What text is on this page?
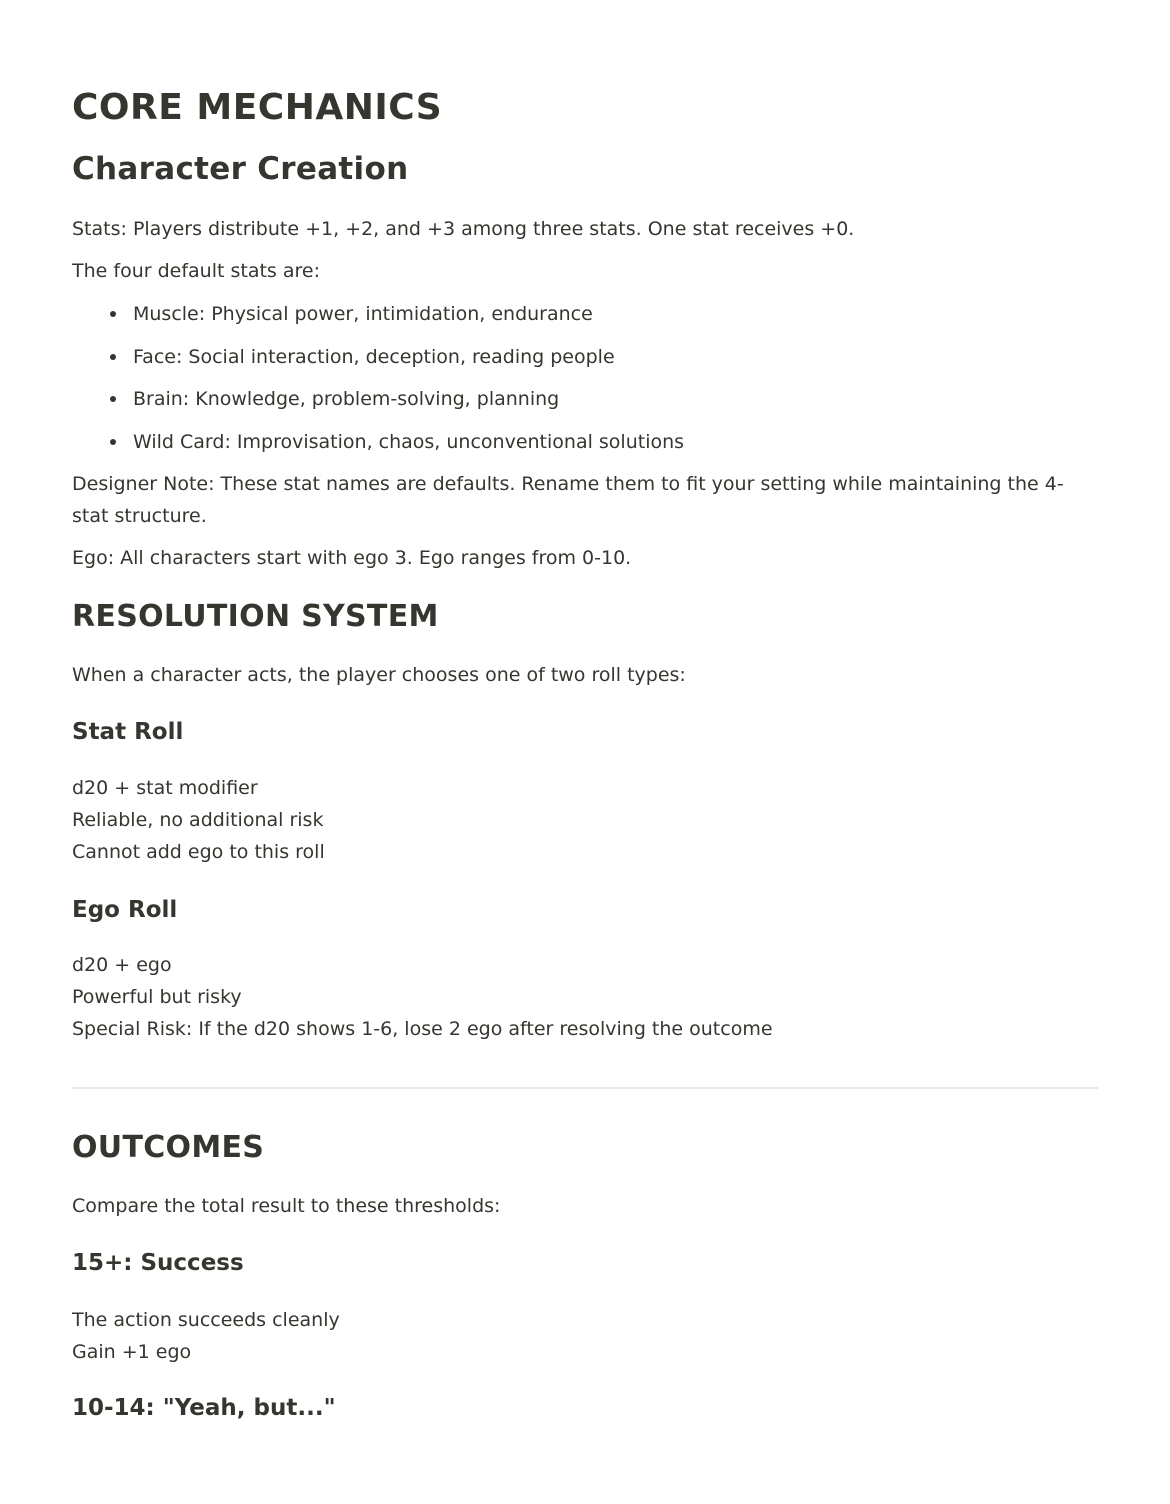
CORE MECHANICS
Character Creation

Stats: Players distribute +1, +2, and +3 among three stats. One stat receives +0.

The four default stats are:

Muscle: Physical power, intimidation, endurance
Face: Social interaction, deception, reading people
Brain: Knowledge, problem-solving, planning
Wild Card: Improvisation, chaos, unconventional solutions

Designer Note: These stat names are defaults. Rename them to fit your setting while maintaining the 4-stat structure.

Ego: All characters start with ego 3. Ego ranges from 0-10.

RESOLUTION SYSTEM

When a character acts, the player chooses one of two roll types:

Stat Roll

d20 + stat modifier

Reliable, no additional risk

Cannot add ego to this roll

Ego Roll

d20 + ego

Powerful but risky

Special Risk: If the d20 shows 1-6, lose 2 ego after resolving the outcome

OUTCOMES

Compare the total result to these thresholds:

15+: Success

The action succeeds cleanly

Gain +1 ego

10-14: "Yeah, but..."
